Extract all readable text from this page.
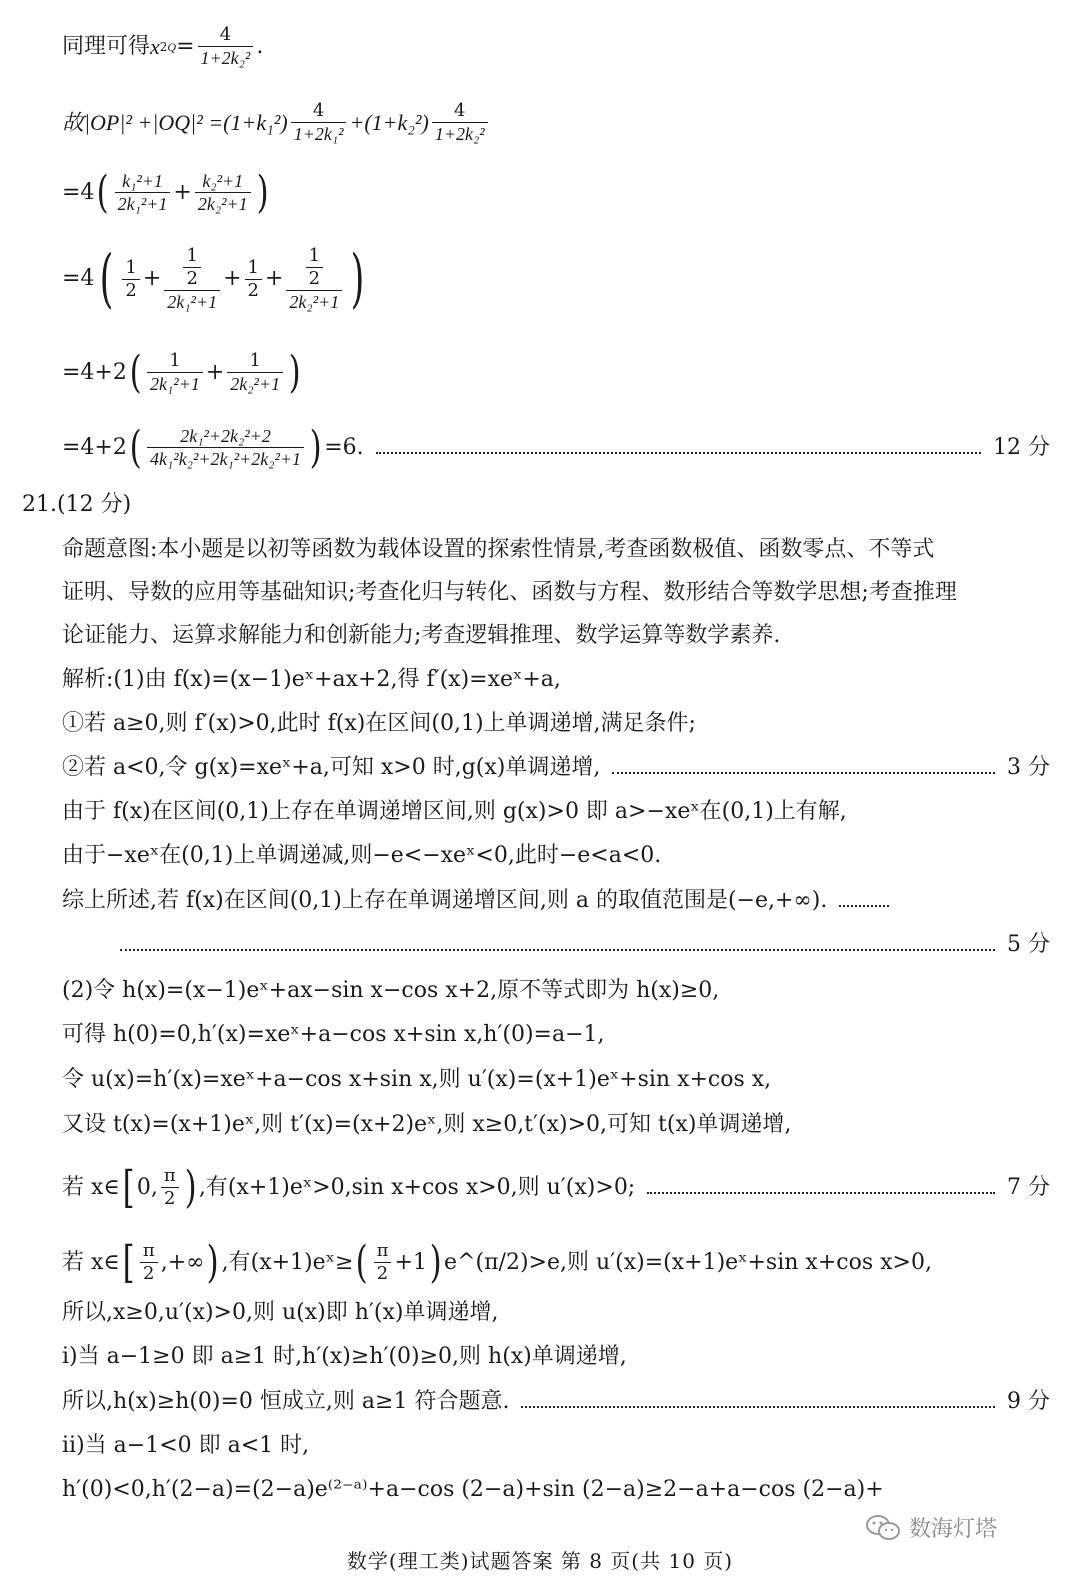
同理可得 x 2 $Q = \frac{4}{\text{1+2k₂²}}$ .
故$|OP|^2 +|OQ|^2 =(1+k_1^2) \frac{4}{\text{1+2k₁²}} +(1+k_2^2) \frac{4}{\text{1+2k₂²}}$
=4 ( $\frac{\text{k₁²+1}}{\text{2k₁²+1}} + \frac{\text{k₂²+1}}{\text{2k₂²+1}}$ )
=4 ( $\frac{1}{2} + \frac{\frac{1}{2}}{\text{2k₁²+1}} + \frac{1}{2} + \frac{\frac{1}{2}}{\text{2k₂²+1}}$ )
=4+2 ( $\frac{1}{\text{2k₁²+1}} + \frac{1}{\text{2k₂²+1}}$ )
=4+2 ( $\frac{\text{2k₁²+2k₂²+2}}{\text{4k₁²k₂²+2k₁²+2k₂²+1}}$ ) =6.	12 分
21.(12 分)
命题意图:本小题是以初等函数为载体设置的探索性情景,考查函数极值、函数零点、不等式
证明、导数的应用等基础知识;考查化归与转化、函数与方程、数形结合等数学思想;考查推理
论证能力、运算求解能力和创新能力;考查逻辑推理、数学运算等数学素养.
解析:(1)由 f(x)=(x−1)eˣ+ax+2,得 f′(x)=xeˣ+a,
①若 a≥0,则 f′(x)>0,此时 f(x)在区间(0,1)上单调递增,满足条件;
②若 a<0,令 g(x)=xeˣ+a,可知 x>0 时,g(x)单调递增,	3 分
由于 f(x)在区间(0,1)上存在单调递增区间,则 g(x)>0 即 a>−xeˣ在(0,1)上有解,
由于−xeˣ在(0,1)上单调递减,则−e<−xeˣ<0,此时−e<a<0.
综上所述,若 f(x)在区间(0,1)上存在单调递增区间,则 a 的取值范围是(−e,+∞).
5 分
(2)令 h(x)=(x−1)eˣ+ax−sin x−cos x+2,原不等式即为 h(x)≥0,
可得 h(0)=0,h′(x)=xeˣ+a−cos x+sin x,h′(0)=a−1,
令 u(x)=h′(x)=xeˣ+a−cos x+sin x,则 u′(x)=(x+1)eˣ+sin x+cos x,
又设 t(x)=(x+1)eˣ,则 t′(x)=(x+2)eˣ,则 x≥0,t′(x)>0,可知 t(x)单调递增,
若 x∈ [ 0, $\frac{\pi}{2}$ ) ,有(x+1)eˣ>0,sin x+cos x>0,则 u′(x)>0;	7 分
若 x∈ [ $\frac{\pi}{2}$ ,+∞ ) ,有(x+1)eˣ≥ ( $\frac{\pi}{2} +1$ ) e^(π/2)>e,则 u′(x)=(x+1)eˣ+sin x+cos x>0,
所以,x≥0,u′(x)>0,则 u(x)即 h′(x)单调递增,
ⅰ)当 a−1≥0 即 a≥1 时,h′(x)≥h′(0)≥0,则 h(x)单调递增,
所以,h(x)≥h(0)=0 恒成立,则 a≥1 符合题意.	9 分
ⅱ)当 a−1<0 即 a<1 时,
h′(0)<0,h′(2−a)=(2−a)e⁽²⁻ᵃ⁾+a−cos (2−a)+sin (2−a)≥2−a+a−cos (2−a)+
数海灯塔
数学(理工类)试题答案 第 8 页(共 10 页)
